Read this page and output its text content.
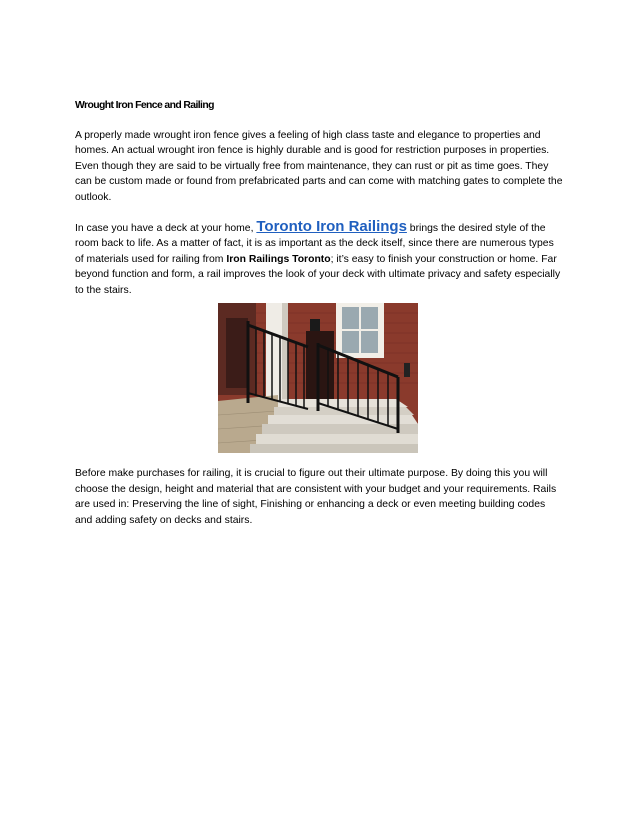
Wrought Iron Fence and Railing

A properly made wrought iron fence gives a feeling of high class taste and elegance to properties and homes. An actual wrought iron fence is highly durable and is good for restriction purposes in properties. Even though they are said to be virtually free from maintenance, they can rust or pit as time goes. They can be custom made or found from prefabricated parts and can come with matching gates to complete the outlook.

In case you have a deck at your home, Toronto Iron Railings brings the desired style of the room back to life. As a matter of fact, it is as important as the deck itself, since there are numerous types of materials used for railing from Iron Railings Toronto; it’s easy to finish your construction or home. Far beyond function and form, a rail improves the look of your deck with ultimate privacy and safety especially to the stairs.

Before make purchases for railing, it is crucial to figure out their ultimate purpose. By doing this you will choose the design, height and material that are consistent with your budget and your requirements. Rails are used in: Preserving the line of sight, Finishing or enhancing a deck or even meeting building codes and adding safety on decks and stairs.
